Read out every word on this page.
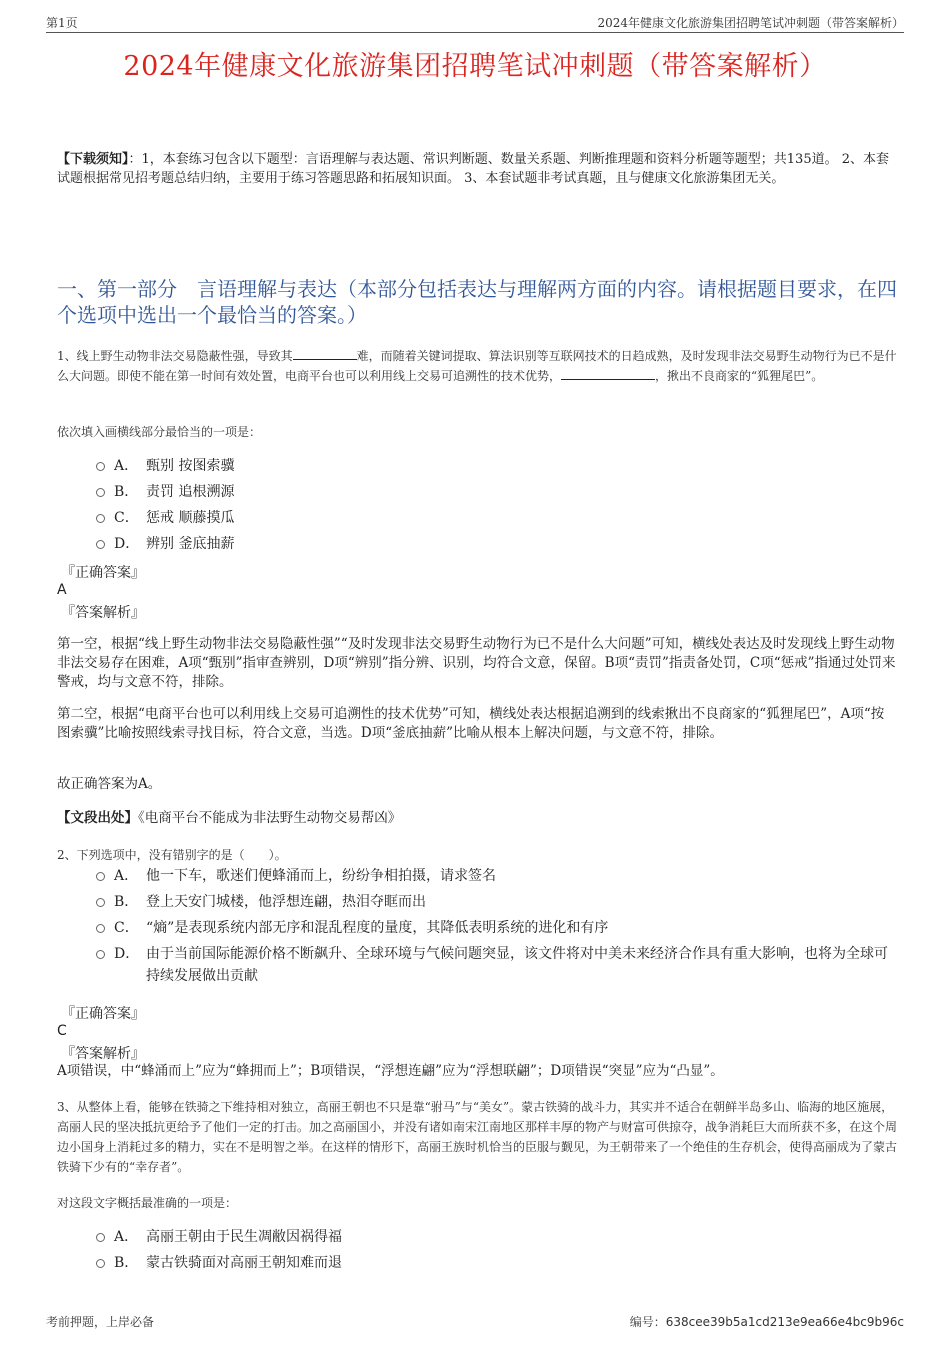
第1页	2024年健康文化旅游集团招聘笔试冲刺题（带答案解析）
2024年健康文化旅游集团招聘笔试冲刺题（带答案解析）
【下载须知】：1，本套练习包含以下题型：言语理解与表达题、常识判断题、数量关系题、判断推理题和资料分析题等题型；共135道。 2、本套试题根据常见招考题总结归纳，主要用于练习答题思路和拓展知识面。 3、本套试题非考试真题，且与健康文化旅游集团无关。
一、第一部分　言语理解与表达（本部分包括表达与理解两方面的内容。请根据题目要求，在四个选项中选出一个最恰当的答案。）
1、线上野生动物非法交易隐蔽性强，导致其	难，而随着关键词提取、算法识别等互联网技术的日趋成熟，及时发现非法交易野生动物行为已不是什么大问题。即使不能在第一时间有效处置，电商平台也可以利用线上交易可追溯性的技术优势，	，揪出不良商家的“狐狸尾巴”。
依次填入画横线部分最恰当的一项是：
A． 甄别 按图索骥
B． 责罚 追根溯源
C． 惩戒 顺藤摸瓜
D． 辨别 釜底抽薪
『正确答案』
A
『答案解析』
第一空，根据“线上野生动物非法交易隐蔽性强”“及时发现非法交易野生动物行为已不是什么大问题”可知，横线处表达及时发现线上野生动物非法交易存在困难，A项“甄别”指审查辨别，D项“辨别”指分辨、识别，均符合文意，保留。B项“责罚”指责备处罚，C项“惩戒”指通过处罚来警戒，均与文意不符，排除。
第二空，根据“电商平台也可以利用线上交易可追溯性的技术优势”可知，横线处表达根据追溯到的线索揪出不良商家的“狐狸尾巴”，A项“按图索骥”比喻按照线索寻找目标，符合文意，当选。D项“釜底抽薪”比喻从根本上解决问题，与文意不符，排除。
故正确答案为A。
【文段出处】《电商平台不能成为非法野生动物交易帮凶》
2、下列选项中，没有错别字的是（　　）。
A． 他一下车，歌迷们便蜂涌而上，纷纷争相拍摄，请求签名
B． 登上天安门城楼，他浮想连翩，热泪夺眶而出
C． “熵”是表现系统内部无序和混乱程度的量度，其降低表明系统的进化和有序
D． 由于当前国际能源价格不断飙升、全球环境与气候问题突显，该文件将对中美未来经济合作具有重大影响，也将为全球可持续发展做出贡献
『正确答案』
C
『答案解析』
A项错误，中“蜂涌而上”应为“蜂拥而上”；B项错误，“浮想连翩”应为“浮想联翩”；D项错误“突显”应为“凸显”。
3、从整体上看，能够在铁骑之下维持相对独立，高丽王朝也不只是靠“驸马”与“美女”。蒙古铁骑的战斗力，其实并不适合在朝鲜半岛多山、临海的地区施展，高丽人民的坚决抵抗更给予了他们一定的打击。加之高丽国小，并没有诸如南宋江南地区那样丰厚的物产与财富可供掠夺，战争消耗巨大而所获不多，在这个周边小国身上消耗过多的精力，实在不是明智之举。在这样的情形下，高丽王族时机恰当的臣服与觐见，为王朝带来了一个绝佳的生存机会，使得高丽成为了蒙古铁骑下少有的“幸存者”。
对这段文字概括最准确的一项是：
A． 高丽王朝由于民生凋敝因祸得福
B． 蒙古铁骑面对高丽王朝知难而退
考前押题，上岸必备	编号：638cee39b5a1cd213e9ea66e4bc9b96c
